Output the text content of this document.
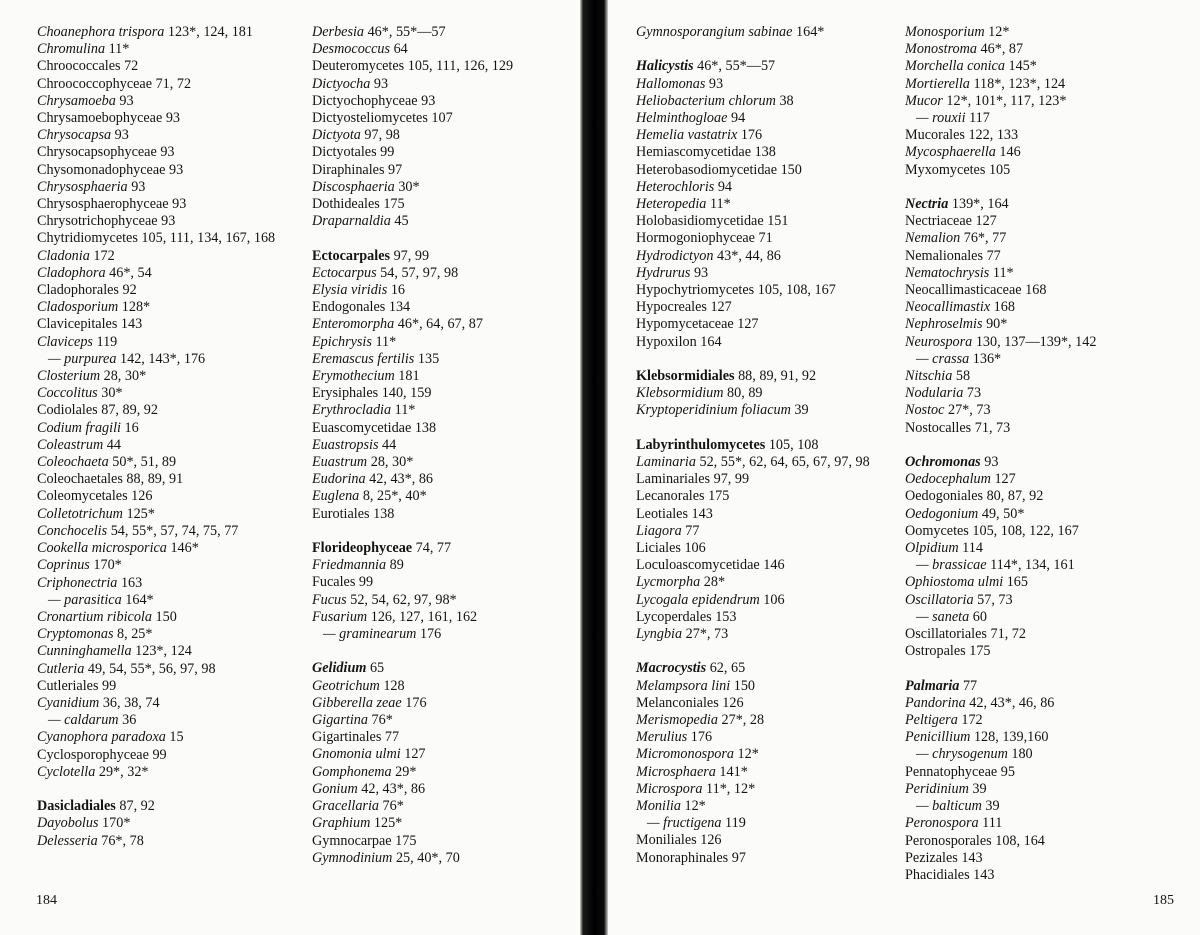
Choanephora trispora 123*, 124, 181
Chromulina 11*
Chroococcales 72
Chroococcophyceae 71, 72
Chrysamoeba 93
Chrysamoebophyceae 93
Chrysocapsa 93
Chrysocapsophyceae 93
Chysomonadophyceae 93
Chrysosphaeria 93
Chrysosphaerophyceae 93
Chrysotrichophyceae 93
Chytridiomycetes 105, 111, 134, 167, 168
Cladonia 172
Cladophora 46*, 54
Cladophorales 92
Cladosporium 128*
Clavicepitales 143
Claviceps 119
— purpurea 142, 143*, 176
Closterium 28, 30*
Coccolitus 30*
Codiolales 87, 89, 92
Codium fragili 16
Coleastrum 44
Coleochaeta 50*, 51, 89
Coleochaetales 88, 89, 91
Coleomycetales 126
Colletotrichum 125*
Conchocelis 54, 55*, 57, 74, 75, 77
Cookella microsporica 146*
Coprinus 170*
Criphonectria 163
— parasitica 164*
Cronartium ribicola 150
Cryptomonas 8, 25*
Cunninghamella 123*, 124
Cutleria 49, 54, 55*, 56, 97, 98
Cutleriales 99
Cyanidium 36, 38, 74
— caldarum 36
Cyanophora paradoxa 15
Cyclosporophyceae 99
Cyclotella 29*, 32*
Dasicladiales 87, 92
Dayobolus 170*
Delesseria 76*, 78
Derbesia 46*, 55*—57
Desmococcus 64
Deuteromycetes 105, 111, 126, 129
Dictyocha 93
Dictyochophyceae 93
Dictyosteliomycetes 107
Dictyota 97, 98
Dictyotales 99
Diraphinales 97
Discosphaeria 30*
Dothideales 175
Draparnaldia 45
Ectocarpales 97, 99
Ectocarpus 54, 57, 97, 98
Elysia viridis 16
Endogonales 134
Enteromorpha 46*, 64, 67, 87
Epichrysis 11*
Eremascus fertilis 135
Erymothecium 181
Erysiphales 140, 159
Erythrocladia 11*
Euascomycetidae 138
Euastropsis 44
Euastrum 28, 30*
Eudorina 42, 43*, 86
Euglena 8, 25*, 40*
Eurotiales 138
Florideophyceae 74, 77
Friedmannia 89
Fucales 99
Fucus 52, 54, 62, 97, 98*
Fusarium 126, 127, 161, 162
— graminearum 176
Gelidium 65
Geotrichum 128
Gibberella zeae 176
Gigartina 76*
Gigartinales 77
Gnomonia ulmi 127
Gomphonema 29*
Gonium 42, 43*, 86
Gracellaria 76*
Graphium 125*
Gymnocarpae 175
Gymnodinium 25, 40*, 70
184
Gymnosporangium sabinae 164*
Halicystis 46*, 55*—57
Hallomonas 93
Heliobacterium chlorum 38
Helminthogloae 94
Hemelia vastatrix 176
Hemiascomycetidae 138
Heterobasodiomycetidae 150
Heterochloris 94
Heteropedia 11*
Holobasidiomycetidae 151
Hormogoniophyceae 71
Hydrodictyon 43*, 44, 86
Hydrurus 93
Hypochytriomycetes 105, 108, 167
Hypocreales 127
Hypomycetaceae 127
Hypoxilon 164
Klebsormidiales 88, 89, 91, 92
Klebsormidium 80, 89
Kryptoperidinium foliacum 39
Labyrinthulomycetes 105, 108
Laminaria 52, 55*, 62, 64, 65, 67, 97, 98
Laminariales 97, 99
Lecanorales 175
Leotiales 143
Liagora 77
Liciales 106
Loculoascomycetidae 146
Lycmorpha 28*
Lycogala epidendrum 106
Lycoperdales 153
Lyngbia 27*, 73
Macrocystis 62, 65
Melampsora lini 150
Melanconiales 126
Merismopedia 27*, 28
Merulius 176
Micromonospora 12*
Microsphaera 141*
Microspora 11*, 12*
Monilia 12*
— fructigena 119
Moniliales 126
Monoraphinales 97
Monosporium 12*
Monostroma 46*, 87
Morchella conica 145*
Mortierella 118*, 123*, 124
Mucor 12*, 101*, 117, 123*
— rouxii 117
Mucorales 122, 133
Mycosphaerella 146
Myxomycetes 105
Nectria 139*, 164
Nectriaceae 127
Nemalion 76*, 77
Nemalionales 77
Nematochrysis 11*
Neocallimasticaceae 168
Neocallimastix 168
Nephroselmis 90*
Neurospora 130, 137—139*, 142
— crassa 136*
Nitschia 58
Nodularia 73
Nostoc 27*, 73
Nostocalles 71, 73
Ochromonas 93
Oedocephalum 127
Oedogoniales 80, 87, 92
Oedogonium 49, 50*
Oomycetes 105, 108, 122, 167
Olpidium 114
— brassicae 114*, 134, 161
Ophiostoma ulmi 165
Oscillatoria 57, 73
— saneta 60
Oscillatoriales 71, 72
Ostropales 175
Palmaria 77
Pandorina 42, 43*, 46, 86
Peltigera 172
Penicillium 128, 139,160
— chrysogenum 180
Pennatophyceae 95
Peridinium 39
— balticum 39
Peronospora 111
Peronosporales 108, 164
Pezizales 143
Phacidiales 143
185
